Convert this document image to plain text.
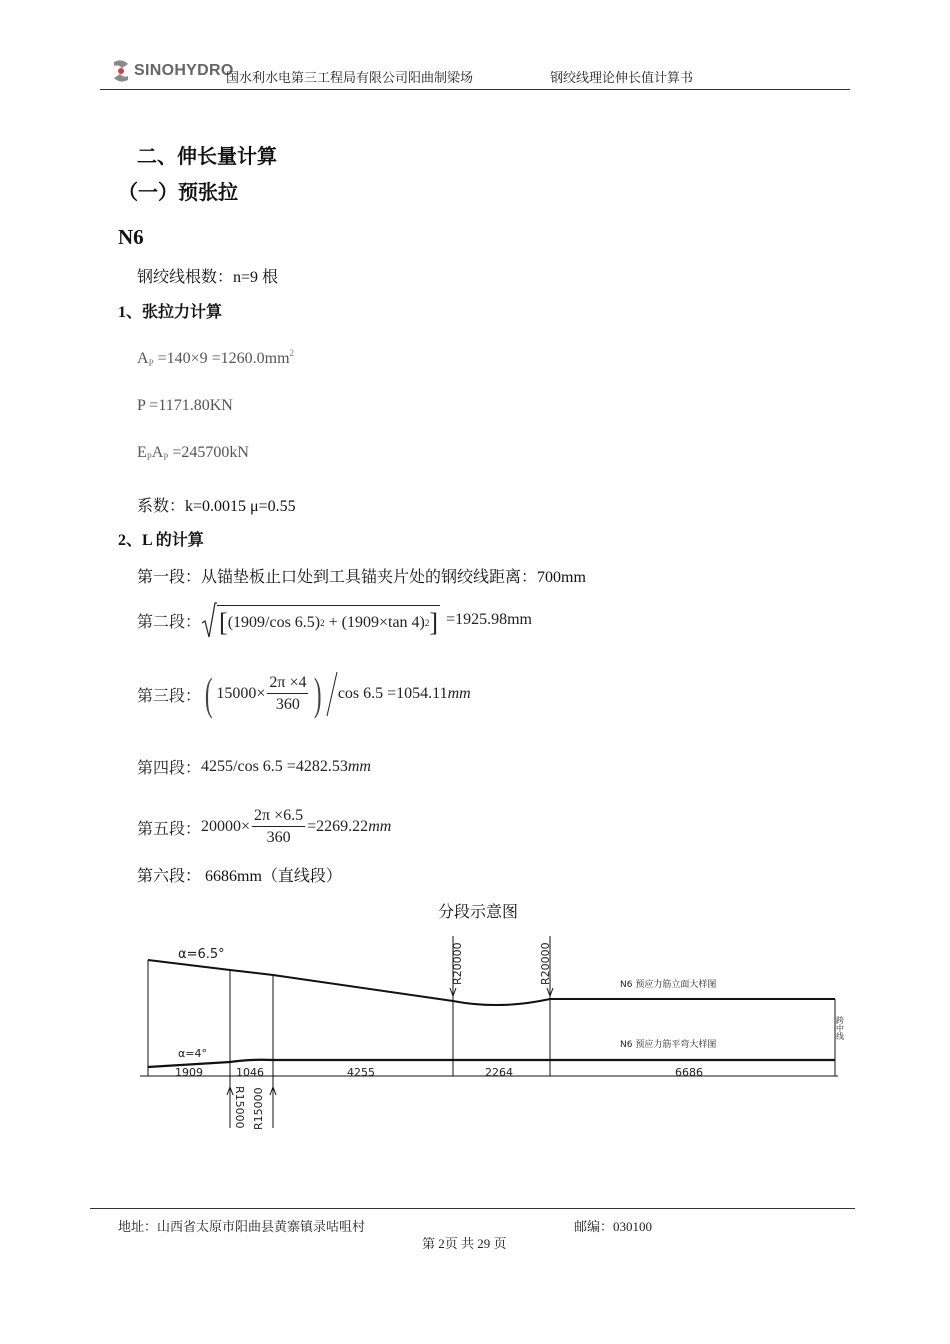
SINOHYDRO
国水利水电第三工程局有限公司阳曲制梁场	钢绞线理论伸长值计算书
二、伸长量计算
（一）预张拉
N6
钢绞线根数：n=9 根
1、张拉力计算
$A_P =140\times 9 =1260.0mm^2$
P =1171.80KN
$E_PA_P =245700kN$
系数：k=0.0015 μ=0.55
2、L 的计算
第一段：从锚垫板止口处到工具锚夹片处的钢绞线距离：700mm
第二段： [ (1909/cos 6.5) 2 + (1909×tan 4) 2 ] =1925.98mm
第三段： ( $15000\times \frac{2\pi \times 4}{360}$ ) cos 6.5 =1054.11 mm
第四段： 4255/cos 6.5 =4282.53 mm
第五段： $20000\times \frac{2\pi \times 6.5}{360} =2269.22$ mm
第六段： 6686mm（直线段）
分段示意图
α=6.5°
α=4°
R20000	R20000
R15000 R15000
N6 预应力筋立面大样图
N6 预应力筋平弯大样图
跨中线
1909	1046	4255	2264	6686
地址：山西省太原市阳曲县黄寨镇录咕咀村	邮编：030100
第 2页 共 29 页
